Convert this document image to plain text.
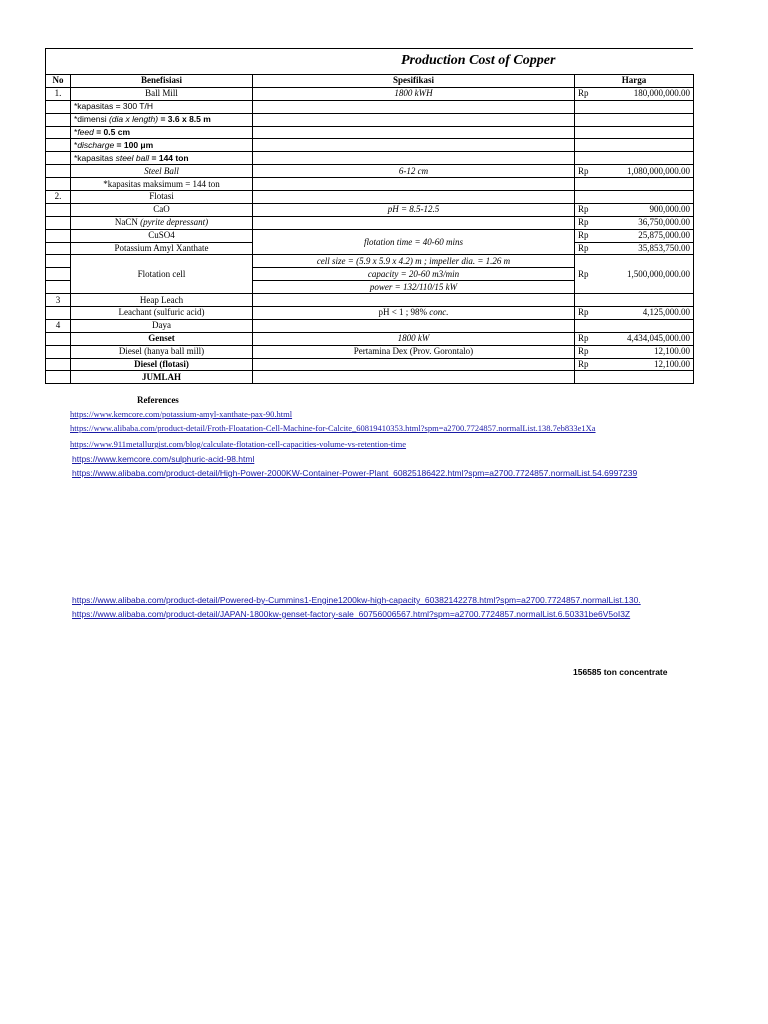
Production Cost of Copper
No	Benefisiasi	Spesifikasi	Harga	
1.	Ball Mill	1800 kWH	Rp	180,000,000.00
	*kapasitas = 300 T/H			
	*dimensi (dia x length) = 3.6 x 8.5 m			
	*feed = 0.5 cm			
	*discharge = 100 μm			
	*kapasitas steel ball = 144 ton			
	Steel Ball	6-12 cm	Rp	1,080,000,000.00
	*kapasitas maksimum = 144 ton			
2.	Flotasi			
	CaO	pH = 8.5-12.5	Rp	900,000.00
	NaCN (pyrite depressant)		Rp	36,750,000.00
	CuSO4	flotation time = 40-60 mins	Rp	25,875,000.00
	Potassium Amyl Xanthate		Rp	35,853,750.00
	Flotation cell	cell size = (5.9 x 5.9 x 4.2) m ; impeller dia. = 1.26 m	Rp	1,500,000,000.00
		capacity = 20-60 m3/min		
		power = 132/110/15 kW		
3	Heap Leach			
	Leachant (sulfuric acid)	pH < 1 ; 98% conc.	Rp	4,125,000.00
4	Daya			
	Genset	1800 kW	Rp	4,434,045,000.00
	Diesel (hanya ball mill)	Pertamina Dex (Prov. Gorontalo)	Rp	12,100.00
	Diesel (flotasi)		Rp	12,100.00
	JUMLAH			
References
https://www.kemcore.com/potassium-amyl-xanthate-pax-90.html
https://www.alibaba.com/product-detail/Froth-Floatation-Cell-Machine-for-Calcite_60819410353.html?spm=a2700.7724857.normalList.138.7eb833e1Xa
https://www.911metallurgist.com/blog/calculate-flotation-cell-capacities-volume-vs-retention-time
https://www.kemcore.com/sulphuric-acid-98.html
https://www.alibaba.com/product-detail/High-Power-2000KW-Container-Power-Plant_60825186422.html?spm=a2700.7724857.normalList.54.6997239
https://www.alibaba.com/product-detail/Powered-by-Cummins1-Engine1200kw-high-capacity_60382142278.html?spm=a2700.7724857.normalList.130.
https://www.alibaba.com/product-detail/JAPAN-1800kw-genset-factory-sale_60756006567.html?spm=a2700.7724857.normalList.6.50331be6V5oI3Z
156585 ton concentrate
